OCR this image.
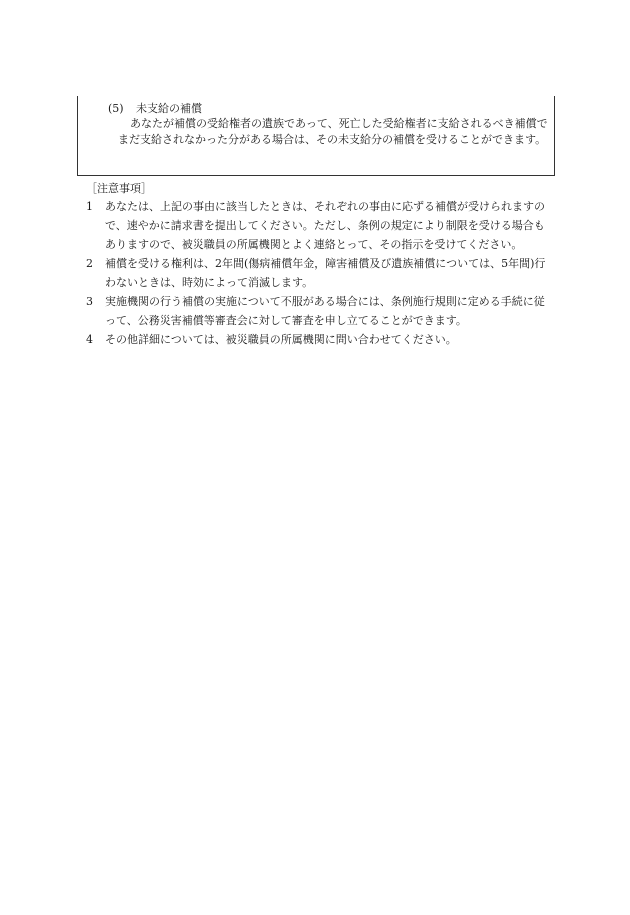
(5) 未支給の補償
あなたが補償の受給権者の遺族であって、死亡した受給権者に支給されるべき補償でまだ支給されなかった分がある場合は、その未支給分の補償を受けることができます。
［注意事項］
1	あなたは、上記の事由に該当したときは、それぞれの事由に応ずる補償が受けられますので、速やかに請求書を提出してください。ただし、条例の規定により制限を受ける場合もありますので、被災職員の所属機関とよく連絡とって、その指示を受けてください。
2	補償を受ける権利は、2年間(傷病補償年金，障害補償及び遺族補償については、5年間)行わないときは、時効によって消滅します。
3	実施機関の行う補償の実施について不服がある場合には、条例施行規則に定める手続に従って、公務災害補償等審査会に対して審査を申し立てることができます。
4	その他詳細については、被災職員の所属機関に問い合わせてください。
